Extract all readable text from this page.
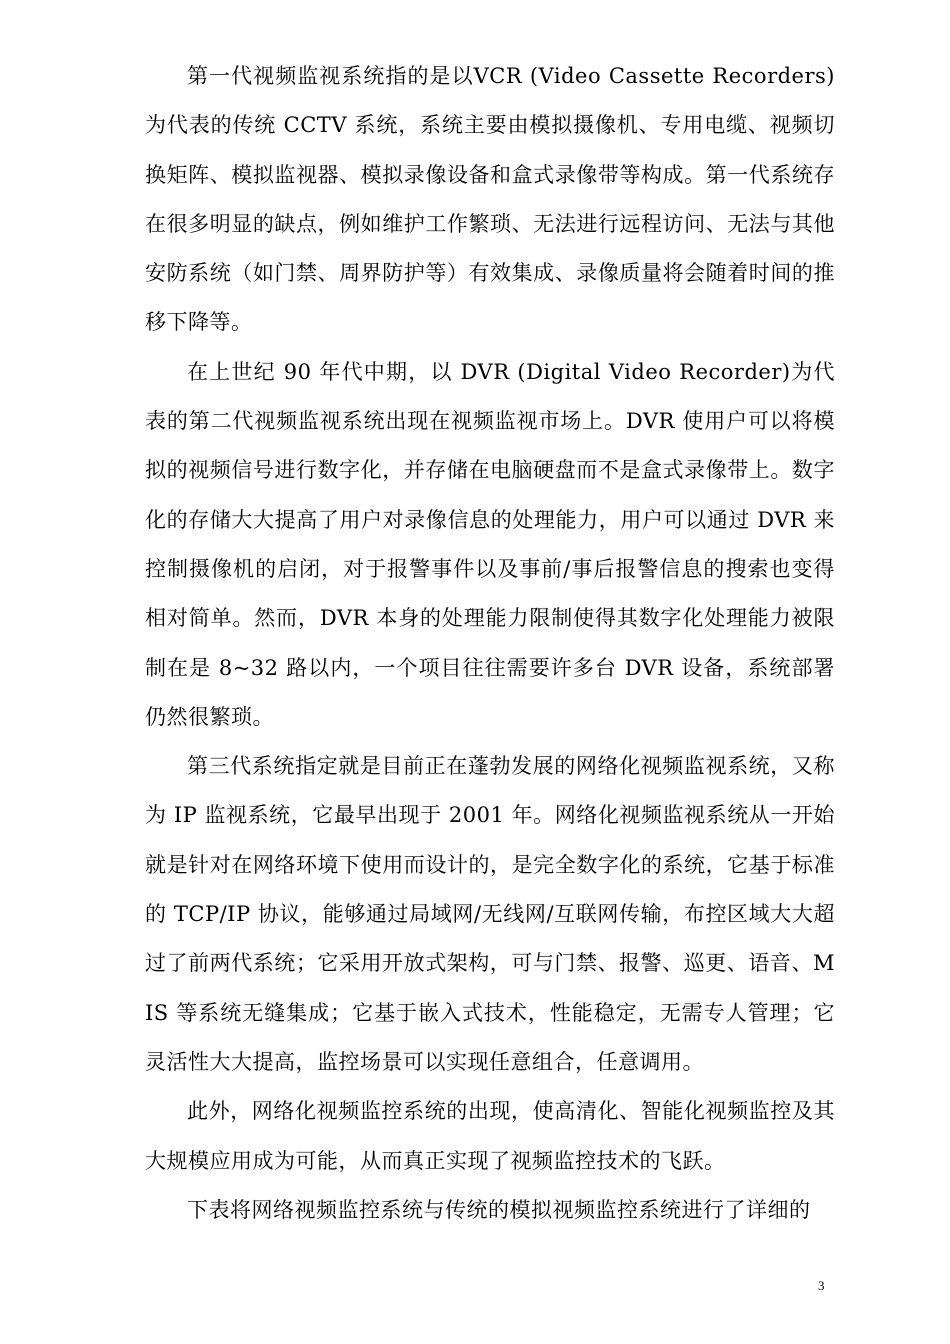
第一代视频监视系统指的是以VCR (Video Cassette Recorders)为代表的传统 CCTV 系统，系统主要由模拟摄像机、专用电缆、视频切换矩阵、模拟监视器、模拟录像设备和盒式录像带等构成。第一代系统存在很多明显的缺点，例如维护工作繁琐、无法进行远程访问、无法与其他安防系统（如门禁、周界防护等）有效集成、录像质量将会随着时间的推移下降等。

在上世纪 90 年代中期，以 DVR (Digital Video Recorder)为代表的第二代视频监视系统出现在视频监视市场上。DVR 使用户可以将模拟的视频信号进行数字化，并存储在电脑硬盘而不是盒式录像带上。数字化的存储大大提高了用户对录像信息的处理能力，用户可以通过 DVR 来控制摄像机的启闭，对于报警事件以及事前/事后报警信息的搜索也变得相对简单。然而，DVR 本身的处理能力限制使得其数字化处理能力被限制在是 8~32 路以内，一个项目往往需要许多台 DVR 设备，系统部署仍然很繁琐。

第三代系统指定就是目前正在蓬勃发展的网络化视频监视系统，又称为 IP 监视系统，它最早出现于 2001 年。网络化视频监视系统从一开始就是针对在网络环境下使用而设计的，是完全数字化的系统，它基于标准的 TCP/IP 协议，能够通过局域网/无线网/互联网传输，布控区域大大超过了前两代系统；它采用开放式架构，可与门禁、报警、巡更、语音、MIS 等系统无缝集成；它基于嵌入式技术，性能稳定，无需专人管理；它灵活性大大提高，监控场景可以实现任意组合，任意调用。

此外，网络化视频监控系统的出现，使高清化、智能化视频监控及其大规模应用成为可能，从而真正实现了视频监控技术的飞跃。

下表将网络视频监控系统与传统的模拟视频监控系统进行了详细的

3
